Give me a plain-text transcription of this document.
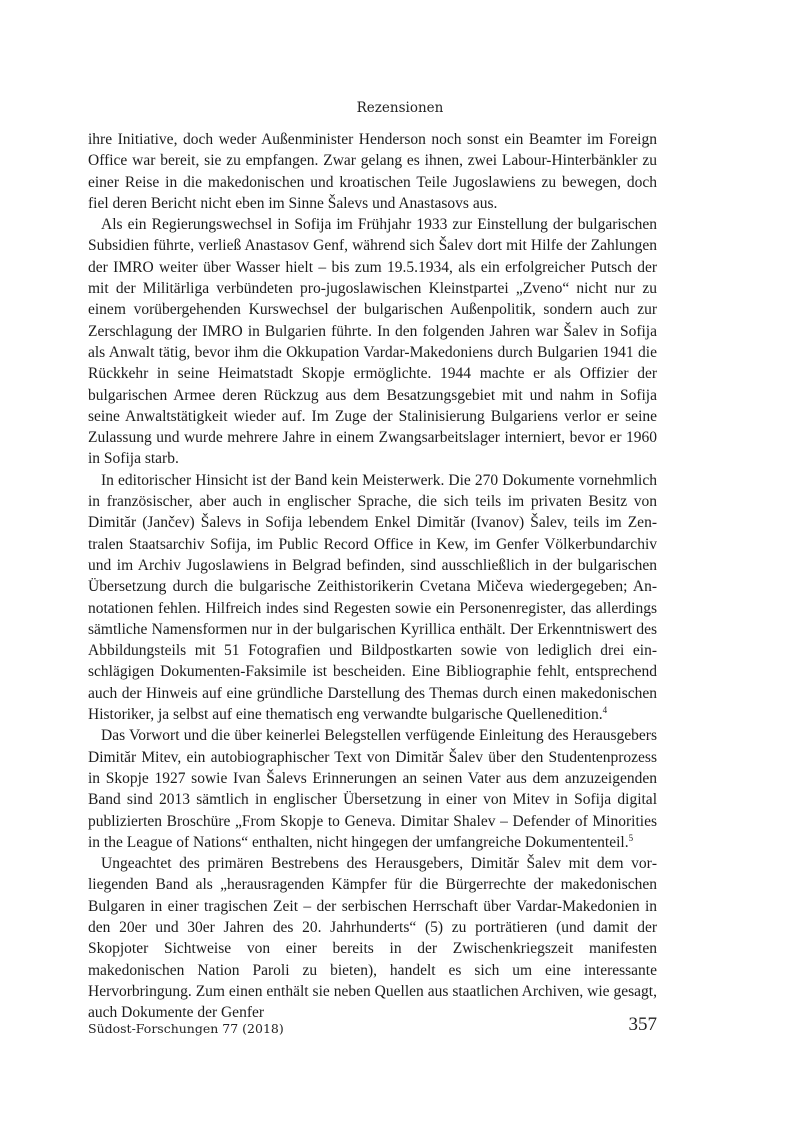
Rezensionen

ihre Initiative, doch weder Außenminister Henderson noch sonst ein Beamter im Foreign Office war bereit, sie zu empfangen. Zwar gelang es ihnen, zwei Labour-Hinterbänkler zu einer Reise in die makedonischen und kroatischen Teile Jugoslawiens zu bewegen, doch fiel deren Bericht nicht eben im Sinne Šalevs und Anastasovs aus.

Als ein Regierungswechsel in Sofija im Frühjahr 1933 zur Einstellung der bulgarischen Subsidien führte, verließ Anastasov Genf, während sich Šalev dort mit Hilfe der Zahlungen der IMRO weiter über Wasser hielt – bis zum 19.5.1934, als ein erfolgreicher Putsch der mit der Militärliga verbündeten pro-jugoslawischen Kleinstpartei „Zveno“ nicht nur zu einem vorübergehenden Kurswechsel der bulgarischen Außenpolitik, sondern auch zur Zerschlagung der IMRO in Bulgarien führte. In den folgenden Jahren war Šalev in Sofija als Anwalt tätig, bevor ihm die Okkupation Vardar-Makedoniens durch Bulgarien 1941 die Rückkehr in seine Heimatstadt Skopje ermöglichte. 1944 machte er als Offizier der bulgarischen Armee deren Rückzug aus dem Besatzungsgebiet mit und nahm in Sofija seine Anwaltstätigkeit wieder auf. Im Zuge der Stalinisierung Bulgariens verlor er seine Zulassung und wurde mehrere Jahre in einem Zwangsarbeitslager interniert, bevor er 1960 in Sofija starb.

In editorischer Hinsicht ist der Band kein Meisterwerk. Die 270 Dokumente vornehmlich in französischer, aber auch in englischer Sprache, die sich teils im privaten Besitz von Dimităr (Jančev) Šalevs in Sofija lebendem Enkel Dimităr (Ivanov) Šalev, teils im Zentralen Staatsarchiv Sofija, im Public Record Office in Kew, im Genfer Völkerbundarchiv und im Archiv Jugoslawiens in Belgrad befinden, sind ausschließlich in der bulgarischen Übersetzung durch die bulgarische Zeithistorikerin Cvetana Mičeva wiedergegeben; Annotationen fehlen. Hilfreich indes sind Regesten sowie ein Personenregister, das allerdings sämtliche Namensformen nur in der bulgarischen Kyrillica enthält. Der Erkenntniswert des Abbildungsteils mit 51 Fotografien und Bildpostkarten sowie von lediglich drei einschlägigen Dokumenten-Faksimile ist bescheiden. Eine Bibliographie fehlt, entsprechend auch der Hinweis auf eine gründliche Darstellung des Themas durch einen makedonischen Historiker, ja selbst auf eine thematisch eng verwandte bulgarische Quellenedition.$^4$

Das Vorwort und die über keinerlei Belegstellen verfügende Einleitung des Herausgebers Dimităr Mitev, ein autobiographischer Text von Dimităr Šalev über den Studentenprozess in Skopje 1927 sowie Ivan Šalevs Erinnerungen an seinen Vater aus dem anzuzeigenden Band sind 2013 sämtlich in englischer Übersetzung in einer von Mitev in Sofija digital publizierten Broschüre „From Skopje to Geneva. Dimitar Shalev – Defender of Minorities in the League of Nations“ enthalten, nicht hingegen der umfangreiche Dokumententeil.$^5$

Ungeachtet des primären Bestrebens des Herausgebers, Dimităr Šalev mit dem vorliegenden Band als „herausragenden Kämpfer für die Bürgerrechte der makedonischen Bulgaren in einer tragischen Zeit – der serbischen Herrschaft über Vardar-Makedonien in den 20er und 30er Jahren des 20. Jahrhunderts“ (5) zu porträtieren (und damit der Skopjoter Sichtweise von einer bereits in der Zwischenkriegszeit manifesten makedonischen Nation Paroli zu bieten), handelt es sich um eine interessante Hervorbringung. Zum einen enthält sie neben Quellen aus staatlichen Archiven, wie gesagt, auch Dokumente der Genfer

Südost-Forschungen 77 (2018)	357
